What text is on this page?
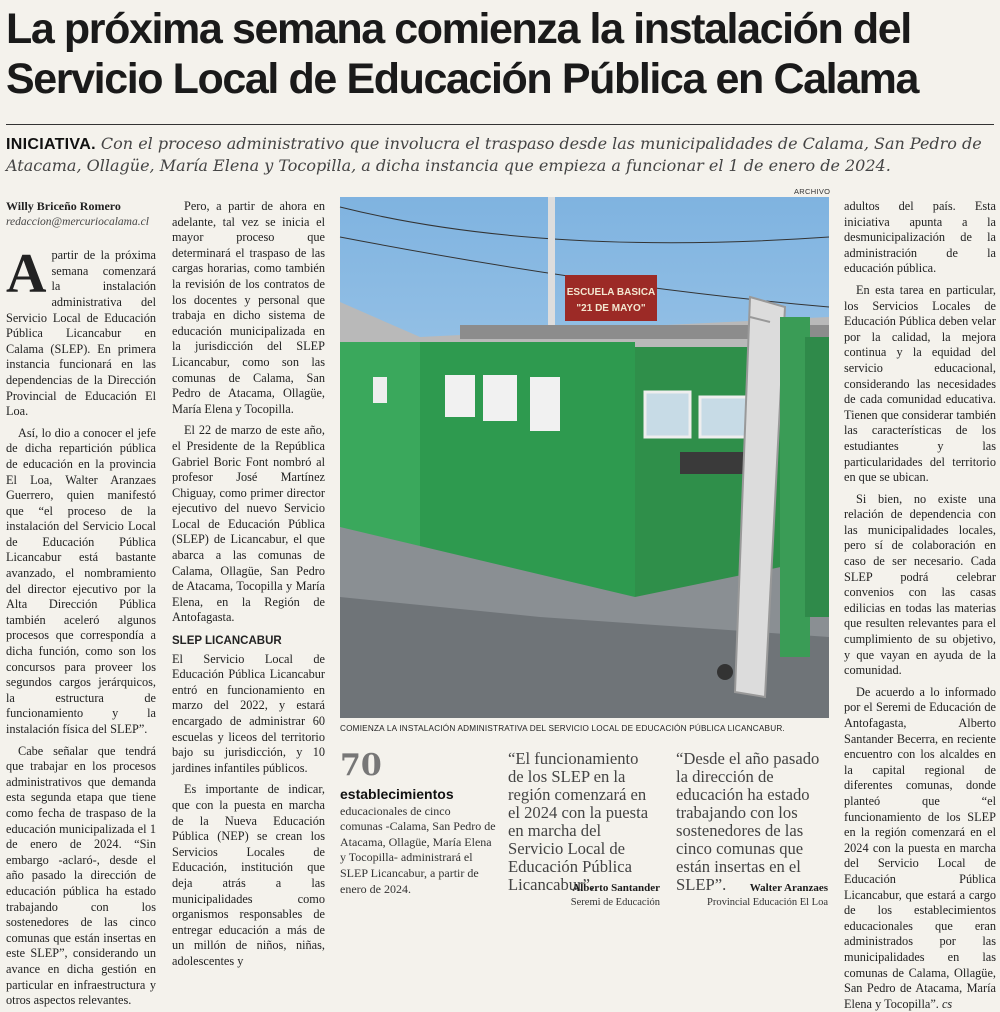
La próxima semana comienza la instalación del
Servicio Local de Educación Pública en Calama
INICIATIVA. Con el proceso administrativo que involucra el traspaso desde las municipalidades de Calama, San Pedro de Atacama, Ollagüe, María Elena y Tocopilla, a dicha instancia que empieza a funcionar el 1 de enero de 2024.
Willy Briceño Romero
redaccion@mercuriocalama.cl

Apartir de la próxima semana comenzará la instalación administrativa del Servicio Local de Educación Pública Licancabur en Calama (SLEP). En primera instancia funcionará en las dependencias de la Dirección Provincial de Educación El Loa.

Así, lo dio a conocer el jefe de dicha repartición pública de educación en la provincia El Loa, Walter Aranzaes Guerrero, quien manifestó que “el proceso de la instalación del Servicio Local de Educación Pública Licancabur está bastante avanzado, el nombramiento del director ejecutivo por la Alta Dirección Pública también aceleró algunos procesos que correspondía a dicha función, como son los concursos para proveer los segundos cargos jerárquicos, la estructura de funcionamiento y la instalación física del SLEP”.

Cabe señalar que tendrá que trabajar en los procesos administrativos que demanda esta segunda etapa que tiene como fecha de traspaso de la educación municipalizada el 1 de enero de 2024. “Sin embargo -aclaró-, desde el año pasado la dirección de educación pública ha estado trabajando con los sostenedores de las cinco comunas que están insertas en este SLEP”, considerando un avance en dicha gestión en particular en infraestructura y otros aspectos relevantes.

Pero, a partir de ahora en adelante, tal vez se inicia el mayor proceso que determinará el traspaso de las cargas horarias, como también la revisión de los contratos de los docentes y personal que trabaja en dicho sistema de educación municipalizada en la jurisdicción del SLEP Licancabur, como son las comunas de Calama, San Pedro de Atacama, Ollagüe, María Elena y Tocopilla.

El 22 de marzo de este año, el Presidente de la República Gabriel Boric Font nombró al profesor José Martínez Chiguay, como primer director ejecutivo del nuevo Servicio Local de Educación Pública (SLEP) de Licancabur, el que abarca a las comunas de Calama, Ollagüe, San Pedro de Atacama, Tocopilla y María Elena, en la Región de Antofagasta.

SLEP LICANCABUR

El Servicio Local de Educación Pública Licancabur entró en funcionamiento en marzo del 2022, y estará encargado de administrar 60 escuelas y liceos del territorio bajo su jurisdicción, y 10 jardines infantiles públicos.

Es importante de indicar, que con la puesta en marcha de la Nueva Educación Pública (NEP) se crean los Servicios Locales de Educación, institución que deja atrás a las municipalidades como organismos responsables de entregar educación a más de un millón de niños, niñas, adolescentes y

ARCHIVO
ESCUELA BASICA
"21 DE MAYO"
COMIENZA LA INSTALACIÓN ADMINISTRATIVA DEL SERVICIO LOCAL DE EDUCACIÓN PÚBLICA LICANCABUR.
70
establecimientos educacionales de cinco comunas -Calama, San Pedro de Atacama, Ollagüe, María Elena y Tocopilla- administrará el SLEP Licancabur, a partir de enero de 2024.
“El funcionamiento de los SLEP en la región comenzará en el 2024 con la puesta en marcha del Servicio Local de Educación Pública Licancabur”.
Alberto Santander
Seremi de Educación
“Desde el año pasado la dirección de educación ha estado trabajando con los sostenedores de las cinco comunas que están insertas en el SLEP”.	Walter Aranzaes
Provincial Educación El Loa

adultos del país. Esta iniciativa apunta a la desmunicipalización de la administración de la educación pública.

En esta tarea en particular, los Servicios Locales de Educación Pública deben velar por la calidad, la mejora continua y la equidad del servicio educacional, considerando las necesidades de cada comunidad educativa. Tienen que considerar también las características de los estudiantes y las particularidades del territorio en que se ubican.

Si bien, no existe una relación de dependencia con las municipalidades locales, pero sí de colaboración en caso de ser necesario. Cada SLEP podrá celebrar convenios con las casas edilicias en todas las materias que resulten relevantes para el cumplimiento de su objetivo, y que vayan en ayuda de la comunidad.

De acuerdo a lo informado por el Seremi de Educación de Antofagasta, Alberto Santander Becerra, en reciente encuentro con los alcaldes en la capital regional de diferentes comunas, donde planteó que “el funcionamiento de los SLEP en la región comenzará en el 2024 con la puesta en marcha del Servicio Local de Educación Pública Licancabur, que estará a cargo de los establecimientos educacionales que eran administrados por las municipalidades en las comunas de Calama, Ollagüe, San Pedro de Atacama, María Elena y Tocopilla”. cs
